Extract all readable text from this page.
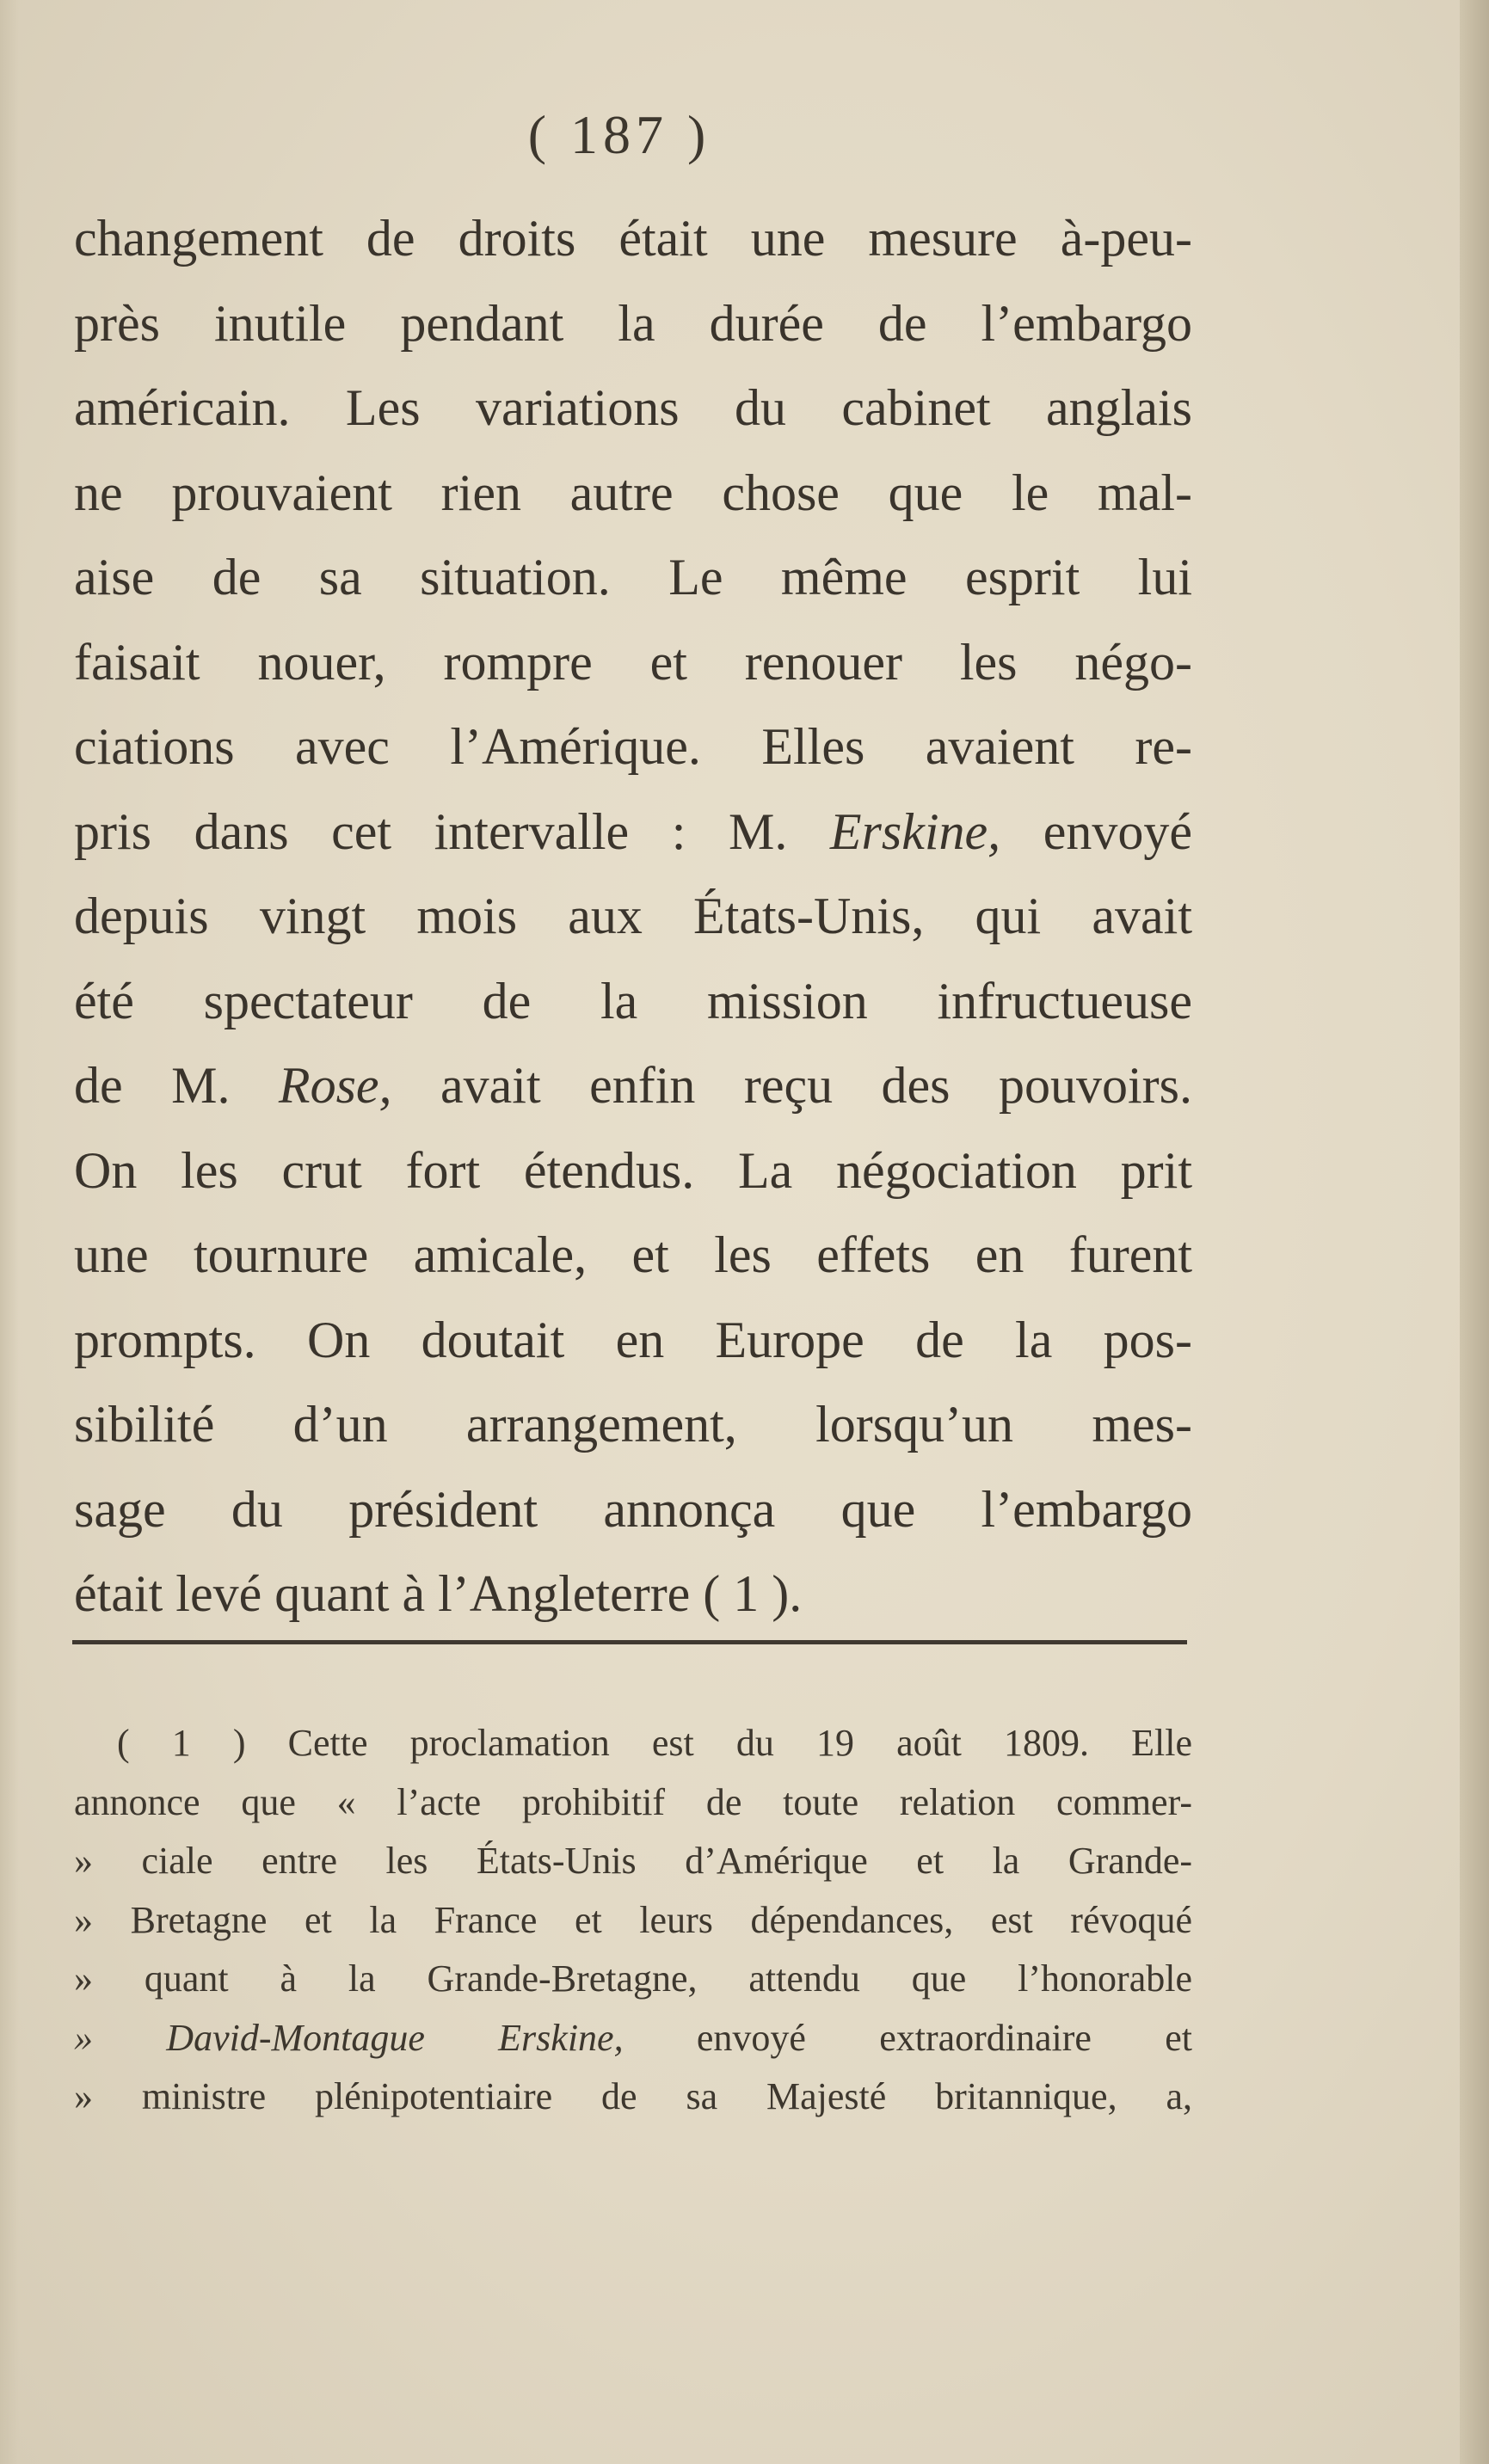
( 187 )
changement de droits était une mesure à-peu-
près inutile pendant la durée de l’embargo
américain. Les variations du cabinet anglais
ne prouvaient rien autre chose que le mal-
aise de sa situation. Le même esprit lui
faisait nouer, rompre et renouer les négo-
ciations avec l’Amérique. Elles avaient re-
pris dans cet intervalle : M. Erskine, envoyé
depuis vingt mois aux États-Unis, qui avait
été spectateur de la mission infructueuse
de M. Rose, avait enfin reçu des pouvoirs.
On les crut fort étendus. La négociation prit
une tournure amicale, et les effets en furent
prompts. On doutait en Europe de la pos-
sibilité d’un arrangement, lorsqu’un mes-
sage du président annonça que l’embargo
était levé quant à l’Angleterre ( 1 ).
( 1 ) Cette proclamation est du 19 août 1809. Elle
annonce que « l’acte prohibitif de toute relation commer-
» ciale entre les États-Unis d’Amérique et la Grande-
» Bretagne et la France et leurs dépendances, est révoqué
» quant à la Grande-Bretagne, attendu que l’honorable
» David-Montague Erskine, envoyé extraordinaire et
» ministre plénipotentiaire de sa Majesté britannique, a,
